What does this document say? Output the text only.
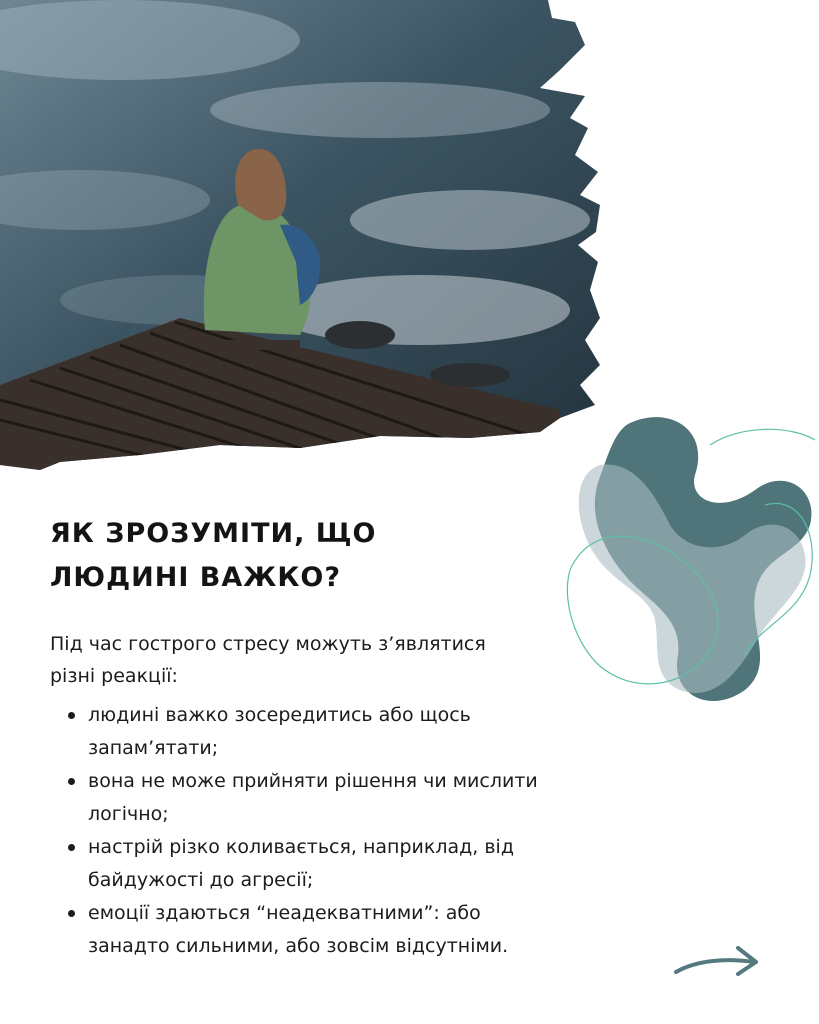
ЯК ЗРОЗУМІТИ, ЩО
ЛЮДИНІ ВАЖКО?

Під час гострого стресу можуть з’являтися
різні реакції:

людині важко зосередитись або щось
запам’ятати;
вона не може прийняти рішення чи мислити
логічно;
настрій різко коливається, наприклад, від
байдужості до агресії;
емоції здаються “неадекватними”: або
занадто сильними, або зовсім відсутніми.
